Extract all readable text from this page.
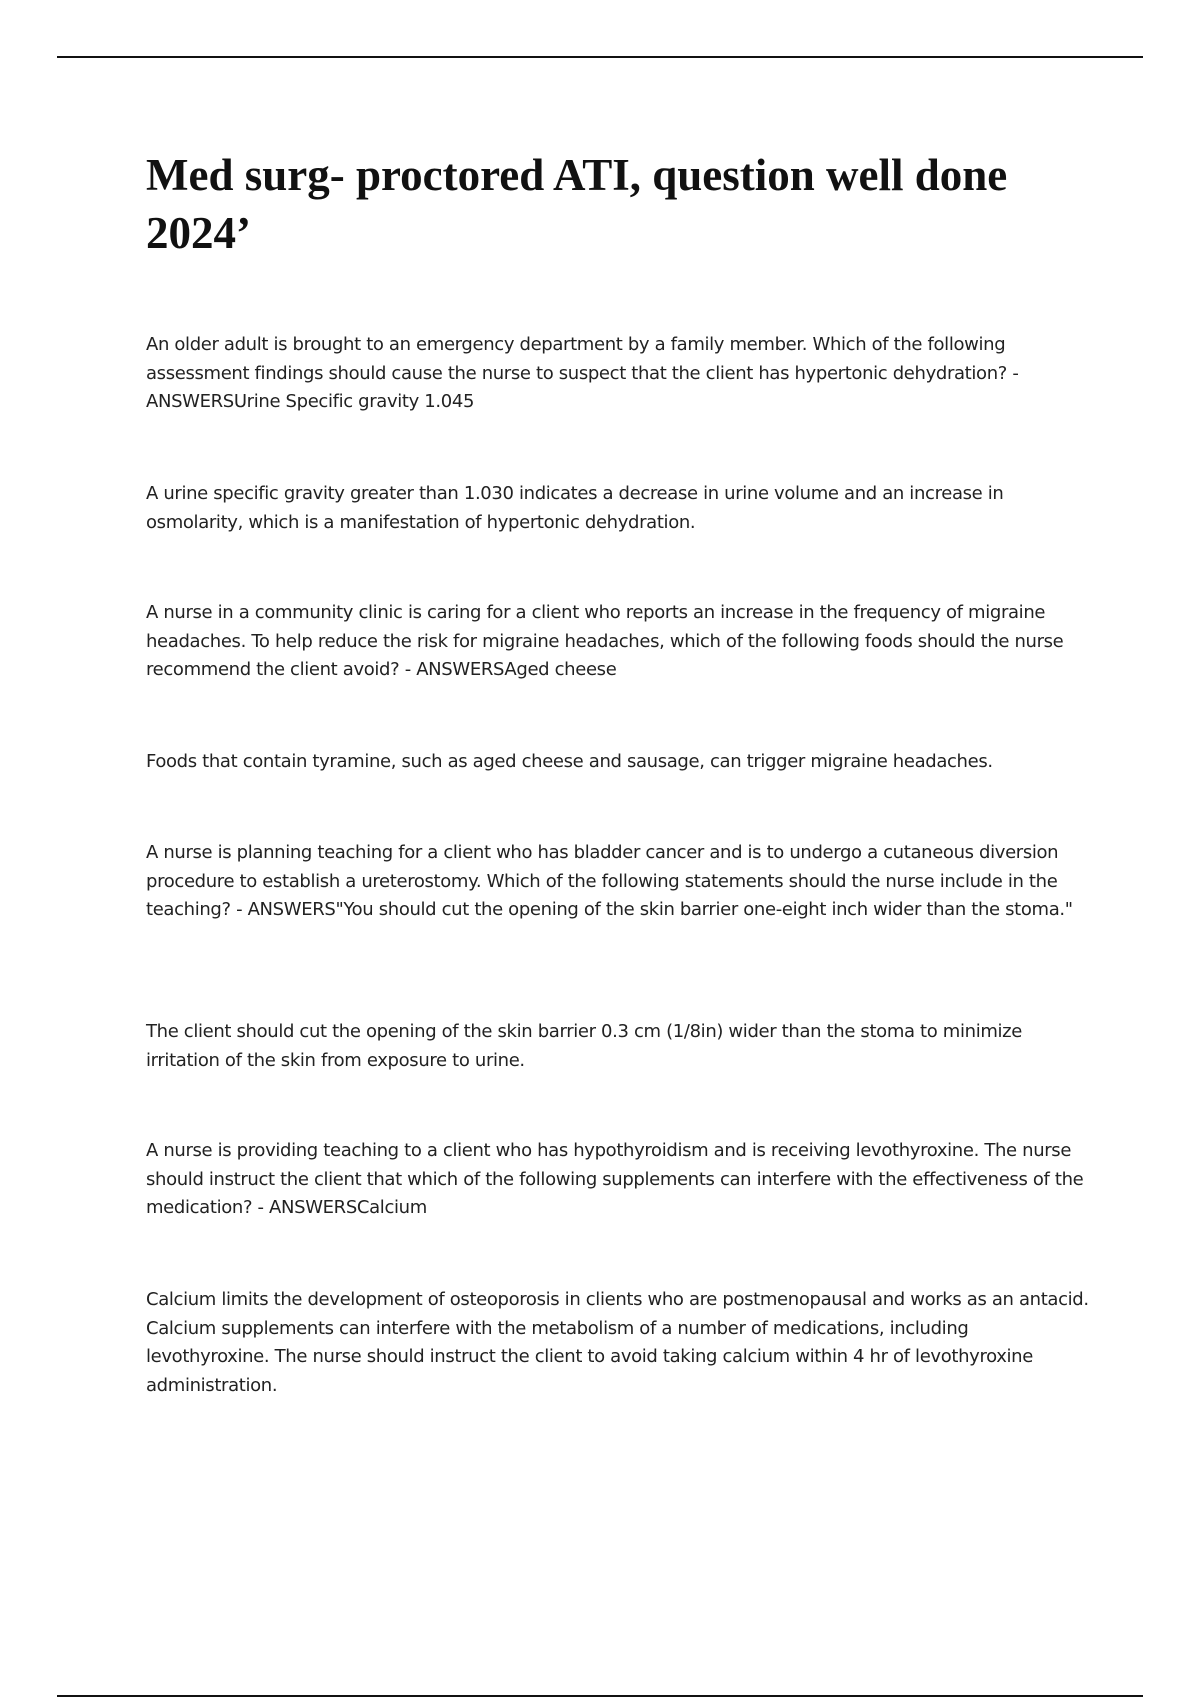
Med surg- proctored ATI, question well done 2024’

An older adult is brought to an emergency department by a family member. Which of the following assessment findings should cause the nurse to suspect that the client has hypertonic dehydration? - ANSWERSUrine Specific gravity 1.045

A urine specific gravity greater than 1.030 indicates a decrease in urine volume and an increase in osmolarity, which is a manifestation of hypertonic dehydration.

A nurse in a community clinic is caring for a client who reports an increase in the frequency of migraine headaches. To help reduce the risk for migraine headaches, which of the following foods should the nurse recommend the client avoid? - ANSWERSAged cheese

Foods that contain tyramine, such as aged cheese and sausage, can trigger migraine headaches.

A nurse is planning teaching for a client who has bladder cancer and is to undergo a cutaneous diversion procedure to establish a ureterostomy. Which of the following statements should the nurse include in the teaching? - ANSWERS"You should cut the opening of the skin barrier one-eight inch wider than the stoma."

The client should cut the opening of the skin barrier 0.3 cm (1/8in) wider than the stoma to minimize irritation of the skin from exposure to urine.

A nurse is providing teaching to a client who has hypothyroidism and is receiving levothyroxine. The nurse should instruct the client that which of the following supplements can interfere with the effectiveness of the medication? - ANSWERSCalcium

Calcium limits the development of osteoporosis in clients who are postmenopausal and works as an antacid. Calcium supplements can interfere with the metabolism of a number of medications, including levothyroxine. The nurse should instruct the client to avoid taking calcium within 4 hr of levothyroxine administration.
